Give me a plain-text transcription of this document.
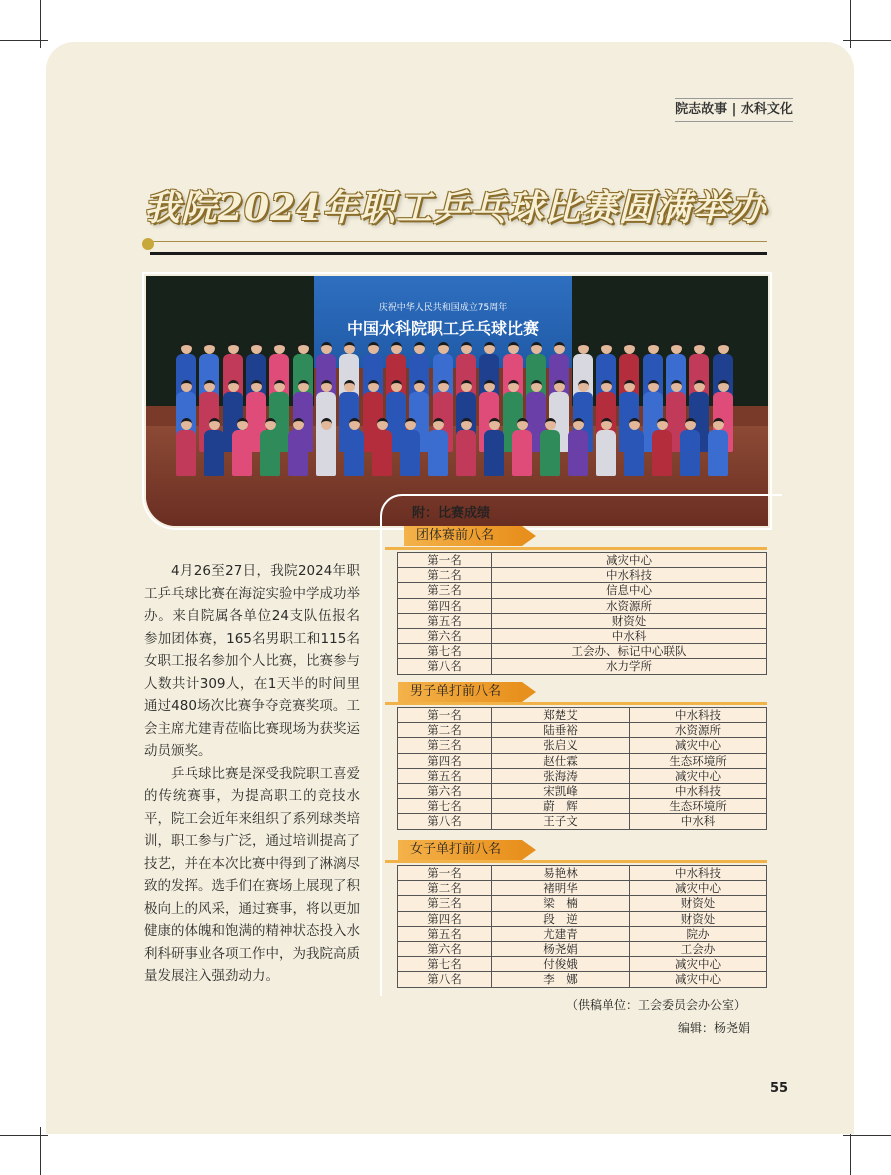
院志故事 | 水科文化
我院2024年职工乒乓球比赛圆满举办
庆祝中华人民共和国成立75周年
中国水科院职工乒乓球比赛

4月26至27日，我院2024年职工乒乓球比赛在海淀实验中学成功举办。来自院属各单位24支队伍报名参加团体赛，165名男职工和115名女职工报名参加个人比赛，比赛参与人数共计309人，在1天半的时间里通过480场次比赛争夺竞赛奖项。工会主席尤建青莅临比赛现场为获奖运动员颁奖。

乒乓球比赛是深受我院职工喜爱的传统赛事，为提高职工的竞技水平，院工会近年来组织了系列球类培训，职工参与广泛，通过培训提高了技艺，并在本次比赛中得到了淋漓尽致的发挥。选手们在赛场上展现了积极向上的风采，通过赛事，将以更加健康的体魄和饱满的精神状态投入水利科研事业各项工作中，为我院高质量发展注入强劲动力。

附：比赛成绩
团体赛前八名
第一名	减灾中心
第二名	中水科技
第三名	信息中心
第四名	水资源所
第五名	财资处
第六名	中水科
第七名	工会办、标记中心联队
第八名	水力学所
男子单打前八名
第一名	郑楚艾	中水科技
第二名	陆垂裕	水资源所
第三名	张启义	减灾中心
第四名	赵仕霖	生态环境所
第五名	张海涛	减灾中心
第六名	宋凯峰	中水科技
第七名	蔚　辉	生态环境所
第八名	王子文	中水科
女子单打前八名
第一名	易艳林	中水科技
第二名	褚明华	减灾中心
第三名	梁　楠	财资处
第四名	段　逆	财资处
第五名	尤建青	院办
第六名	杨尧娟	工会办
第七名	付俊娥	减灾中心
第八名	李　娜	减灾中心
（供稿单位：工会委员会办公室）
编辑：杨尧娟
55
